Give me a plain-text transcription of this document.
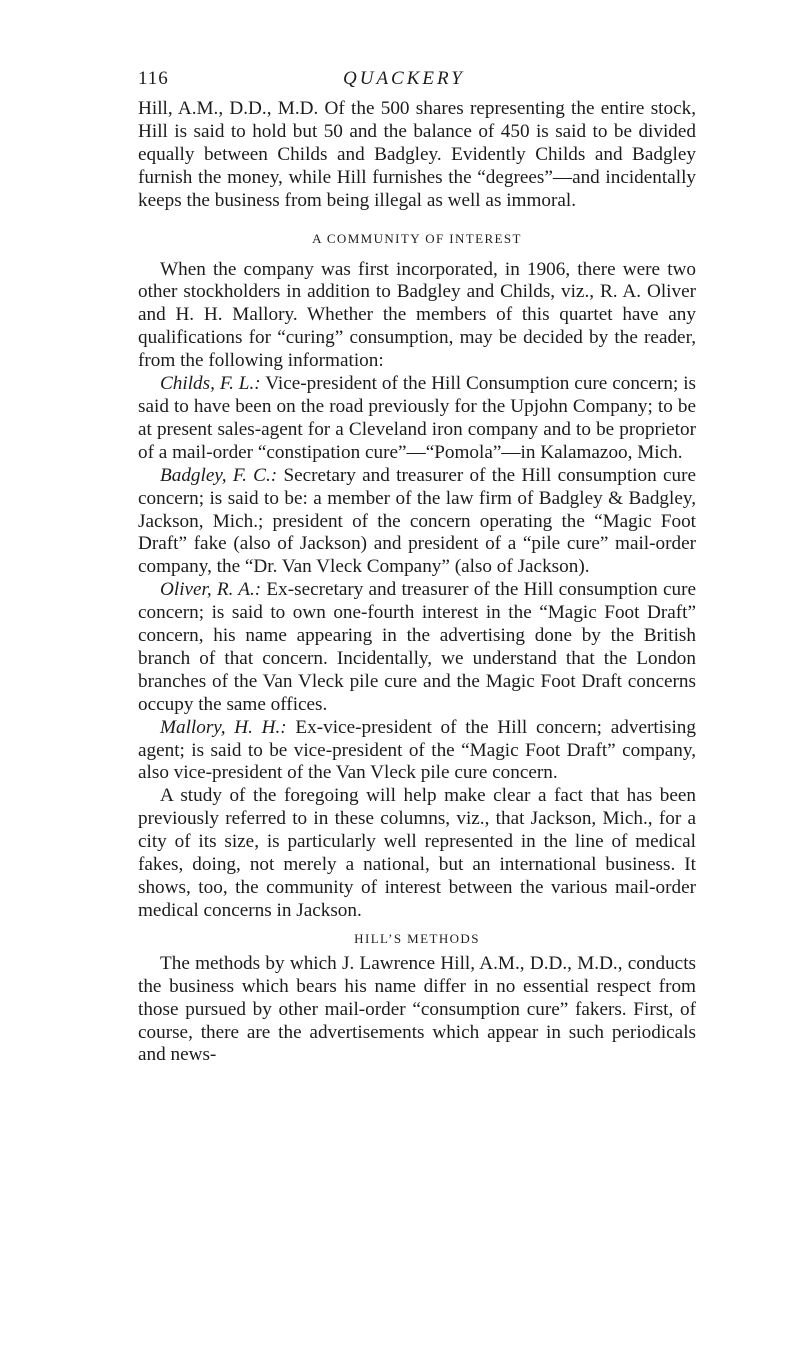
116	QUACKERY

Hill, A.M., D.D., M.D. Of the 500 shares representing the entire stock, Hill is said to hold but 50 and the balance of 450 is said to be divided equally between Childs and Badgley. Evidently Childs and Badgley furnish the money, while Hill furnishes the “degrees”—and incidentally keeps the business from being illegal as well as immoral.

A COMMUNITY OF INTEREST

When the company was first incorporated, in 1906, there were two other stockholders in addition to Badgley and Childs, viz., R. A. Oliver and H. H. Mallory. Whether the members of this quartet have any qualifications for “curing” consumption, may be decided by the reader, from the following information:

Childs, F. L.: Vice-president of the Hill Consumption cure concern; is said to have been on the road previously for the Upjohn Company; to be at present sales-agent for a Cleveland iron company and to be proprietor of a mail-order “constipation cure”—“Pomola”—in Kalamazoo, Mich.

Badgley, F. C.: Secretary and treasurer of the Hill consumption cure concern; is said to be: a member of the law firm of Badgley & Badgley, Jackson, Mich.; president of the concern operating the “Magic Foot Draft” fake (also of Jackson) and president of a “pile cure” mail-order company, the “Dr. Van Vleck Company” (also of Jackson).

Oliver, R. A.: Ex-secretary and treasurer of the Hill consumption cure concern; is said to own one-fourth interest in the “Magic Foot Draft” concern, his name appearing in the advertising done by the British branch of that concern. Incidentally, we understand that the London branches of the Van Vleck pile cure and the Magic Foot Draft concerns occupy the same offices.

Mallory, H. H.: Ex-vice-president of the Hill concern; advertising agent; is said to be vice-president of the “Magic Foot Draft” company, also vice-president of the Van Vleck pile cure concern.

A study of the foregoing will help make clear a fact that has been previously referred to in these columns, viz., that Jackson, Mich., for a city of its size, is particularly well represented in the line of medical fakes, doing, not merely a national, but an international business. It shows, too, the community of interest between the various mail-order medical concerns in Jackson.

HILL’S METHODS

The methods by which J. Lawrence Hill, A.M., D.D., M.D., conducts the business which bears his name differ in no essential respect from those pursued by other mail-order “consumption cure” fakers. First, of course, there are the advertisements which appear in such periodicals and news-
